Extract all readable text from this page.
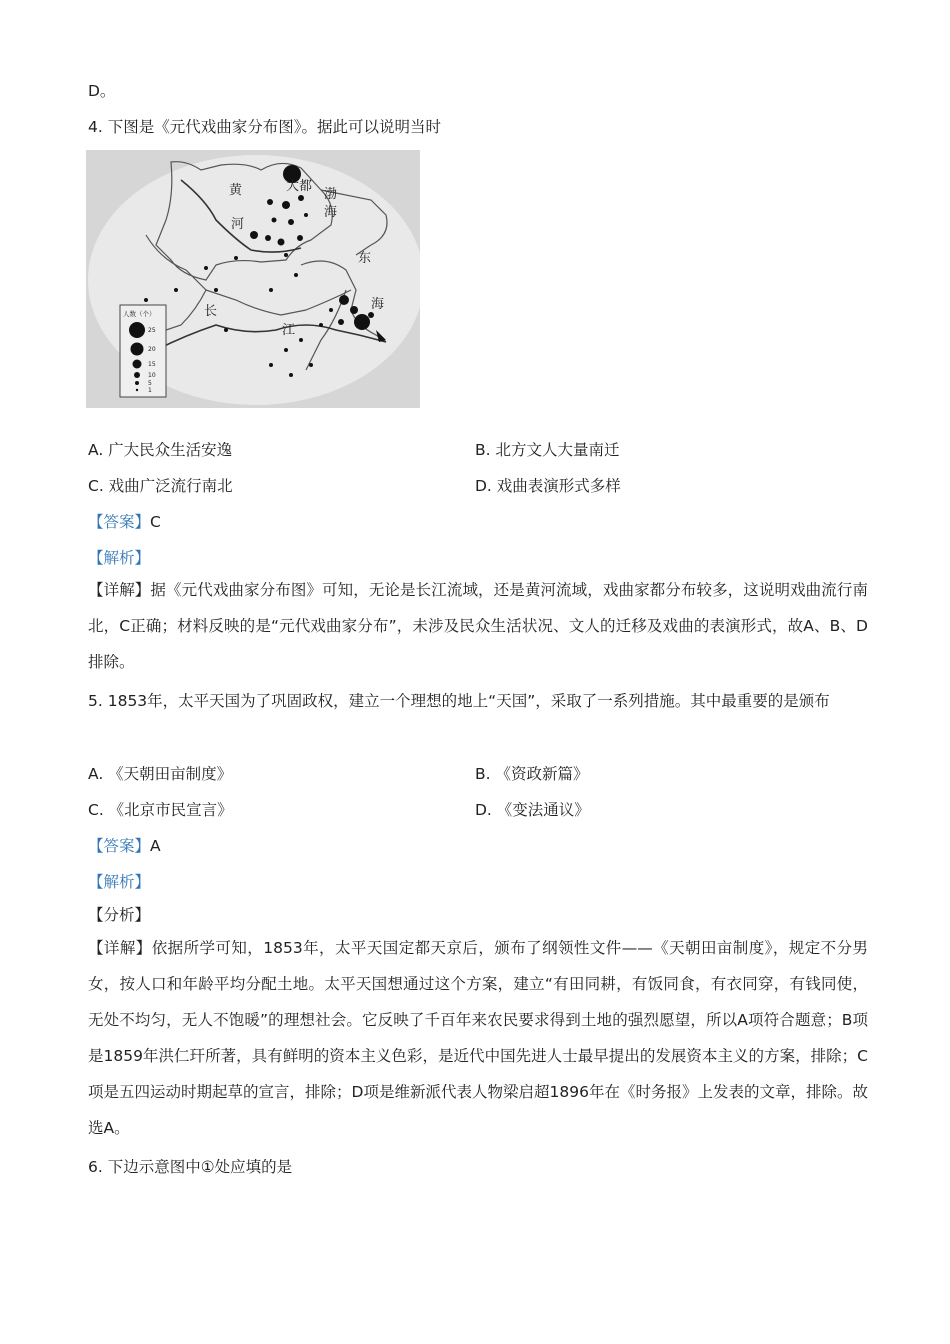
D。
4. 下图是《元代戏曲家分布图》。据此可以说明当时
黄
河
大都
渤
海
东
海
长
江
人数（个）
25
20
15
10
5
1
A. 广大民众生活安逸	B. 北方文人大量南迁
C. 戏曲广泛流行南北	D. 戏曲表演形式多样
【答案】C
【解析】
【详解】据《元代戏曲家分布图》可知，无论是长江流域，还是黄河流域，戏曲家都分布较多，这说明戏曲流行南北，C正确；材料反映的是“元代戏曲家分布”，未涉及民众生活状况、文人的迁移及戏曲的表演形式，故A、B、D排除。
5. 1853年，太平天国为了巩固政权，建立一个理想的地上“天国”，采取了一系列措施。其中最重要的是颁布
A. 《天朝田亩制度》	B. 《资政新篇》
C. 《北京市民宣言》	D. 《变法通议》
【答案】A
【解析】
【分析】
【详解】依据所学可知，1853年，太平天国定都天京后，颁布了纲领性文件——《天朝田亩制度》，规定不分男女，按人口和年龄平均分配土地。太平天国想通过这个方案，建立“有田同耕，有饭同食，有衣同穿，有钱同使，无处不均匀，无人不饱暖”的理想社会。它反映了千百年来农民要求得到土地的强烈愿望，所以A项符合题意；B项是1859年洪仁玕所著，具有鲜明的资本主义色彩，是近代中国先进人士最早提出的发展资本主义的方案，排除；C项是五四运动时期起草的宣言，排除；D项是维新派代表人物梁启超1896年在《时务报》上发表的文章，排除。故选A。
6. 下边示意图中①处应填的是
